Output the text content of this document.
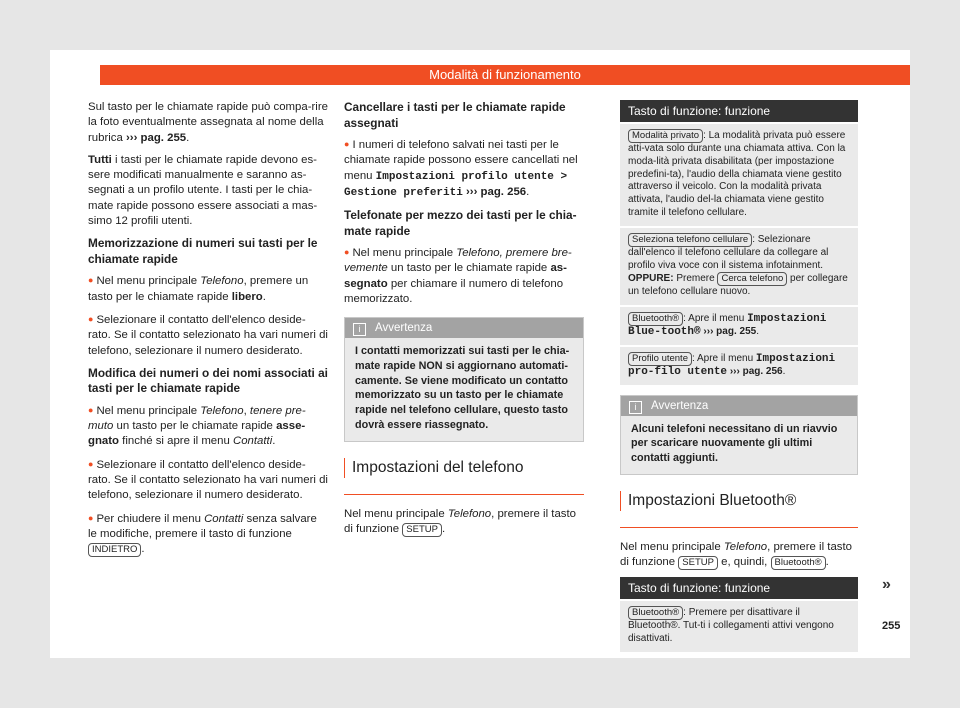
Modalità di funzionamento

Sul tasto per le chiamate rapide può compa-rire la foto eventualmente assegnata al nome della rubrica ››› pag. 255.

Tutti i tasti per le chiamate rapide devono es-sere modificati manualmente e saranno as-segnati a un profilo utente. I tasti per le chia-mate rapide possono essere associati a mas-simo 12 profili utenti.

Memorizzazione di numeri sui tasti per le chiamate rapide

● Nel menu principale Telefono, premere un tasto per le chiamate rapide libero.

● Selezionare il contatto dell'elenco deside-rato. Se il contatto selezionato ha vari numeri di telefono, selezionare il numero desiderato.

Modifica dei numeri o dei nomi associati ai tasti per le chiamate rapide

● Nel menu principale Telefono, tenere pre-muto un tasto per le chiamate rapide asse-gnato finché si apre il menu Contatti.

● Selezionare il contatto dell'elenco deside-rato. Se il contatto selezionato ha vari numeri di telefono, selezionare il numero desiderato.

● Per chiudere il menu Contatti senza salvare le modifiche, premere il tasto di funzione INDIETRO .

Cancellare i tasti per le chiamate rapide assegnati

● I numeri di telefono salvati nei tasti per le chiamate rapide possono essere cancellati nel menu Impostazioni profilo utente > Gestione preferiti ››› pag. 256.

Telefonate per mezzo dei tasti per le chia-mate rapide

● Nel menu principale Telefono, premere bre-vemente un tasto per le chiamate rapide as-segnato per chiamare il numero di telefono memorizzato.

i Avvertenza
I contatti memorizzati sui tasti per le chia-mate rapide NON si aggiornano automati-camente. Se viene modificato un contatto memorizzato su un tasto per le chiamate rapide nel telefono cellulare, questo tasto dovrà essere riassegnato.
Impostazioni del telefono

Nel menu principale Telefono, premere il tasto di funzione SETUP .

Tasto di funzione: funzione
Modalità privato : La modalità privata può essere atti-vata solo durante una chiamata attiva. Con la moda-lità privata disabilitata (per impostazione predefini-ta), l'audio della chiamata viene gestito attraverso il veicolo. Con la modalità privata attivata, l'audio del-la chiamata viene gestito tramite il telefono cellulare.
Seleziona telefono cellulare : Selezionare dall'elenco il telefono cellulare da collegare al profilo viva voce con il sistema infotainment.
OPPURE: Premere Cerca telefono per collegare un telefono cellulare nuovo.
Bluetooth® : Apre il menu Impostazioni Blue-tooth® ››› pag. 255.
Profilo utente : Apre il menu Impostazioni pro-filo utente ››› pag. 256.
i Avvertenza
Alcuni telefoni necessitano di un riavvio per scaricare nuovamente gli ultimi contatti aggiunti.
Impostazioni Bluetooth®

Nel menu principale Telefono, premere il tasto di funzione SETUP e, quindi, Bluetooth® .

Tasto di funzione: funzione
Bluetooth® : Premere per disattivare il Bluetooth®. Tut-ti i collegamenti attivi vengono disattivati.
»
255
